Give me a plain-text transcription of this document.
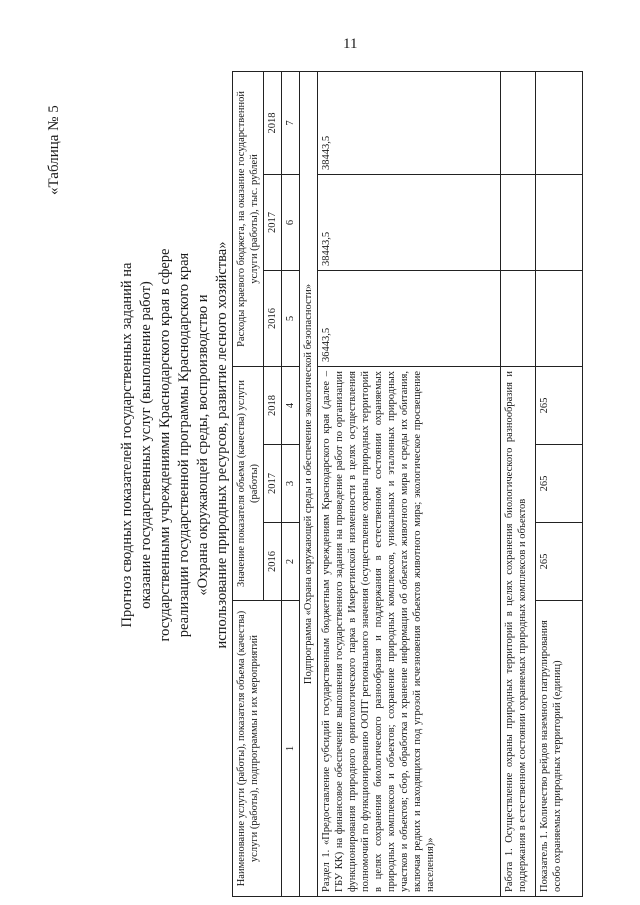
11
«Таблица № 5
Прогноз сводных показателей государственных заданий на оказание государственных услуг (выполнение работ) государственными учреждениями Краснодарского края в сфере реализации государственной программы Краснодарского края «Охрана окружающей среды, воспроизводство и использование природных ресурсов, развитие лесного хозяйства»
Наименование услуги (работы), показателя объема (качества) услуги (работы), подпрограммы и их мероприятий	Значение показателя объема (качества) услуги (работы)			Расходы краевого бюджета, на оказание государственной услуги (работы), тыс. рублей		
	2016	2017	2018	2016	2017	2018
1	2	3	4	5	6	7
Подпрограмма «Охрана окружающей среды и обеспечение экологической безопасности»						
Раздел 1. «Предоставление субсидий государственным бюджетным учреждениям Краснодарского края (далее – ГБУ КК) на финансовое обеспечение выполнения государственного задания на проведение работ по организации функционирования природного орнитологического парка в Имеретинской низменности в целях осуществления полномочий по функционированию ООПТ регионального значения (осуществление охраны природных территорий в целях сохранения биологического разнообразия и поддержания в естественном состоянии охраняемых природных комплексов и объектов; сохранение природных комплексов, уникальных и эталонных природных участков и объектов; сбор, обработка и хранение информации об объектах животного мира и среды их обитания, включая редких и находящихся под угрозой исчезновения объектов животного мира; экологическое просвещение населения)»				36443,5	38443,5	38443,5
Работа 1. Осуществление охраны природных территорий в целях сохранения биологического разнообразия и поддержания в естественном состоянии охраняемых природных комплексов и объектов						
Показатель 1. Количество рейдов наземного патрулирования особо охраняемых природных территорий (единиц)	265	265	265			
